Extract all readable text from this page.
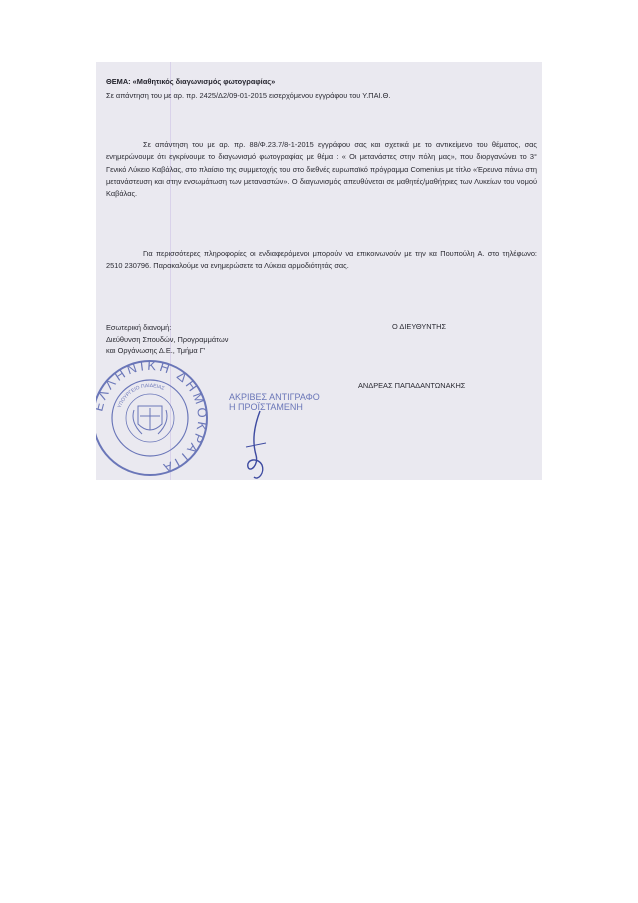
ΘΕΜΑ: «Μαθητικός διαγωνισμός φωτογραφίας»
Σε απάντηση του με αρ. πρ. 2425/Δ2/09-01-2015 εισερχόμενου εγγράφου του Υ.ΠΑΙ.Θ.
Σε απάντηση του με αρ. πρ. 88/Φ.23.7/8-1-2015 εγγράφου σας και σχετικά με το αντικείμενο του θέματος, σας ενημερώνουμε ότι εγκρίνουμε το διαγωνισμό φωτογραφίας με θέμα : « Οι μετανάστες στην πόλη μας», που διοργανώνει το 3° Γενικό Λύκειο Καβάλας, στο πλαίσιο της συμμετοχής του στο διεθνές ευρωπαϊκό πρόγραμμα Comenius με τίτλο «Έρευνα πάνω στη μετανάστευση και στην ενσωμάτωση των μεταναστών». Ο διαγωνισμός απευθύνεται σε μαθητές/μαθήτριες των Λυκείων του νομού Καβάλας.
Για περισσότερες πληροφορίες οι ενδιαφερόμενοι μπορούν να επικοινωνούν με την κα Πουπούλη Α. στο τηλέφωνο: 2510 230796. Παρακαλούμε να ενημερώσετε τα Λύκεια αρμοδιότητάς σας.
Εσωτερική διανομή:
Διεύθυνση Σπουδών, Προγραμμάτων
και Οργάνωσης Δ.Ε., Τμήμα Γ'
Ο ΔΙΕΥΘΥΝΤΗΣ
ΑΝΔΡΕΑΣ ΠΑΠΑΔΑΝΤΩΝΑΚΗΣ
ΕΛΛΗΝΙΚΗ ΔΗΜΟΚΡΑΤΙΑ
ΥΠΟΥΡΓΕΙΟ ΠΑΙΔΕΙΑΣ
ΑΚΡΙΒΕΣ ΑΝΤΙΓΡΑΦΟ
Η ΠΡΟΪΣΤΑΜΕΝΗ
